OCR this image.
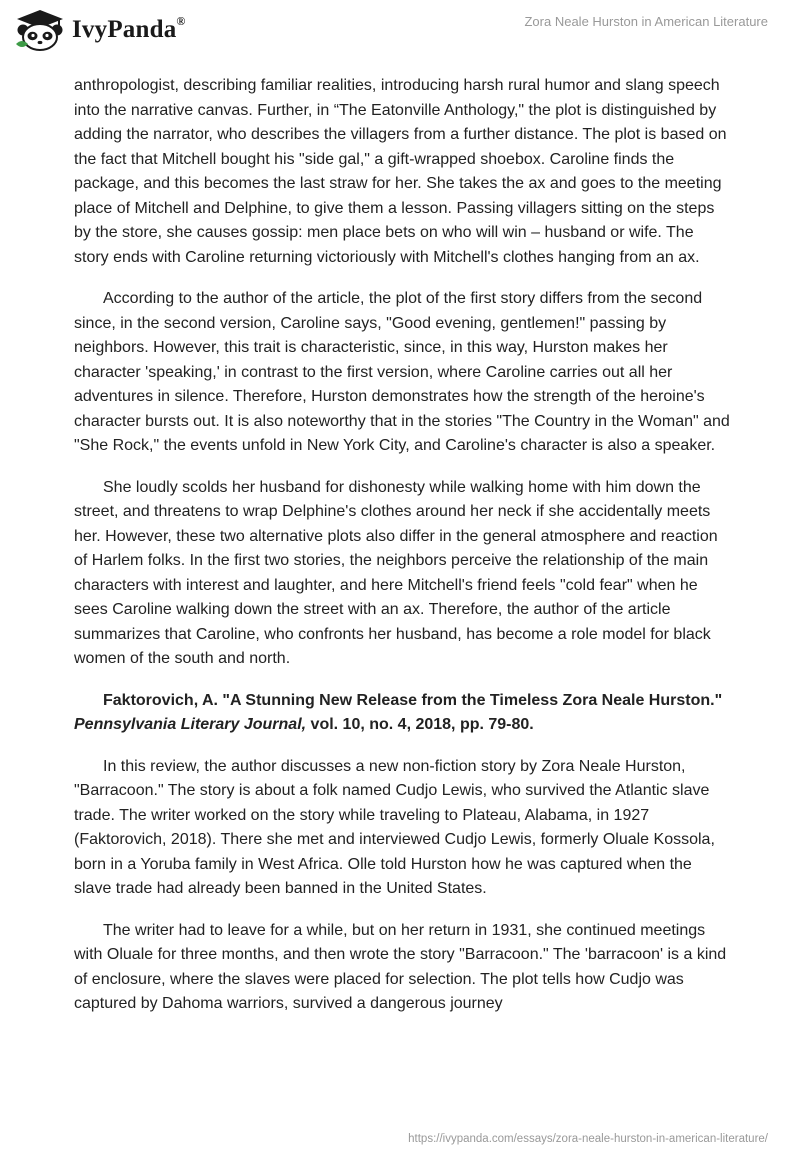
IvyPanda®	Zora Neale Hurston in American Literature

anthropologist, describing familiar realities, introducing harsh rural humor and slang speech into the narrative canvas. Further, in “The Eatonville Anthology," the plot is distinguished by adding the narrator, who describes the villagers from a further distance. The plot is based on the fact that Mitchell bought his "side gal," a gift-wrapped shoebox. Caroline finds the package, and this becomes the last straw for her. She takes the ax and goes to the meeting place of Mitchell and Delphine, to give them a lesson. Passing villagers sitting on the steps by the store, she causes gossip: men place bets on who will win – husband or wife. The story ends with Caroline returning victoriously with Mitchell's clothes hanging from an ax.

According to the author of the article, the plot of the first story differs from the second since, in the second version, Caroline says, "Good evening, gentlemen!" passing by neighbors. However, this trait is characteristic, since, in this way, Hurston makes her character 'speaking,' in contrast to the first version, where Caroline carries out all her adventures in silence. Therefore, Hurston demonstrates how the strength of the heroine's character bursts out. It is also noteworthy that in the stories "The Country in the Woman" and "She Rock," the events unfold in New York City, and Caroline's character is also a speaker.

She loudly scolds her husband for dishonesty while walking home with him down the street, and threatens to wrap Delphine's clothes around her neck if she accidentally meets her. However, these two alternative plots also differ in the general atmosphere and reaction of Harlem folks. In the first two stories, the neighbors perceive the relationship of the main characters with interest and laughter, and here Mitchell's friend feels "cold fear" when he sees Caroline walking down the street with an ax. Therefore, the author of the article summarizes that Caroline, who confronts her husband, has become a role model for black women of the south and north.

Faktorovich, A. "A Stunning New Release from the Timeless Zora Neale Hurston." Pennsylvania Literary Journal, vol. 10, no. 4, 2018, pp. 79-80.

In this review, the author discusses a new non-fiction story by Zora Neale Hurston, "Barracoon." The story is about a folk named Cudjo Lewis, who survived the Atlantic slave trade. The writer worked on the story while traveling to Plateau, Alabama, in 1927 (Faktorovich, 2018). There she met and interviewed Cudjo Lewis, formerly Oluale Kossola, born in a Yoruba family in West Africa. Olle told Hurston how he was captured when the slave trade had already been banned in the United States.

The writer had to leave for a while, but on her return in 1931, she continued meetings with Oluale for three months, and then wrote the story "Barracoon." The 'barracoon' is a kind of enclosure, where the slaves were placed for selection. The plot tells how Cudjo was captured by Dahoma warriors, survived a dangerous journey

https://ivypanda.com/essays/zora-neale-hurston-in-american-literature/
